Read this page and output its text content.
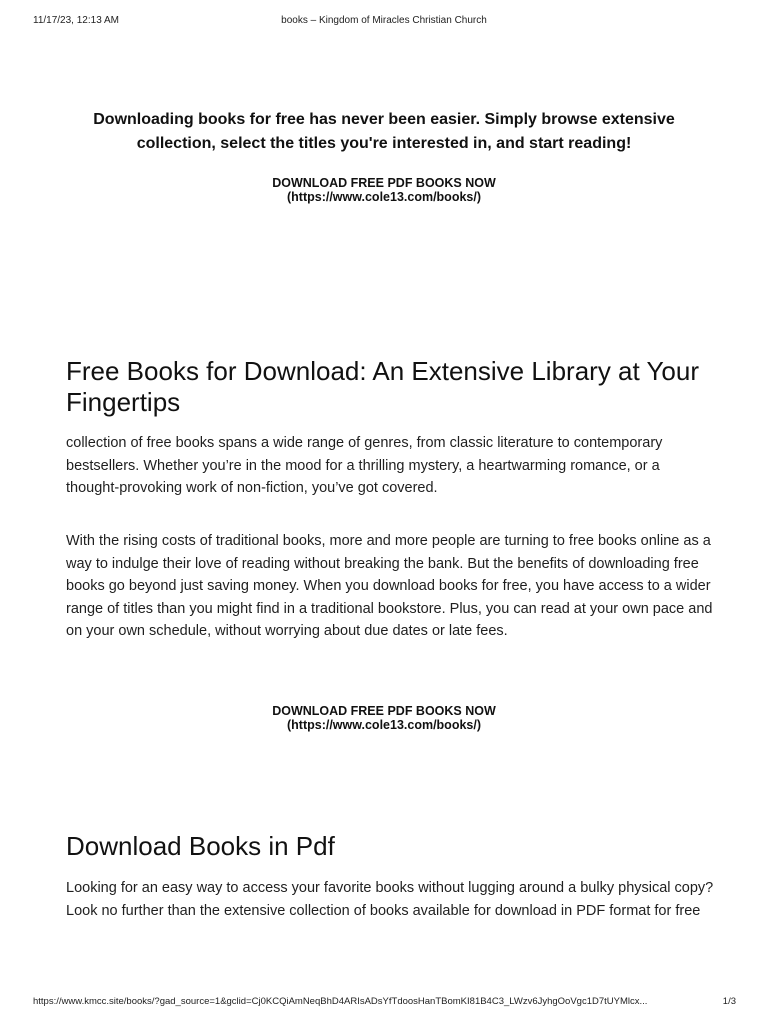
11/17/23, 12:13 AM	books – Kingdom of Miracles Christian Church
Downloading books for free has never been easier. Simply browse extensive collection, select the titles you're interested in, and start reading!
DOWNLOAD FREE PDF BOOKS NOW
(https://www.cole13.com/books/)
Free Books for Download: An Extensive Library at Your Fingertips

collection of free books spans a wide range of genres, from classic literature to contemporary bestsellers. Whether you’re in the mood for a thrilling mystery, a heartwarming romance, or a thought-provoking work of non-fiction, you’ve got covered.

With the rising costs of traditional books, more and more people are turning to free books online as a way to indulge their love of reading without breaking the bank. But the benefits of downloading free books go beyond just saving money. When you download books for free, you have access to a wider range of titles than you might find in a traditional bookstore. Plus, you can read at your own pace and on your own schedule, without worrying about due dates or late fees.

DOWNLOAD FREE PDF BOOKS NOW
(https://www.cole13.com/books/)
Download Books in Pdf

Looking for an easy way to access your favorite books without lugging around a bulky physical copy? Look no further than the extensive collection of books available for download in PDF format for free

https://www.kmcc.site/books/?gad_source=1&gclid=Cj0KCQiAmNeqBhD4ARIsADsYfTdoosHanTBomKI81B4C3_LWzv6JyhgOoVgc1D7tUYMlcx...	1/3
